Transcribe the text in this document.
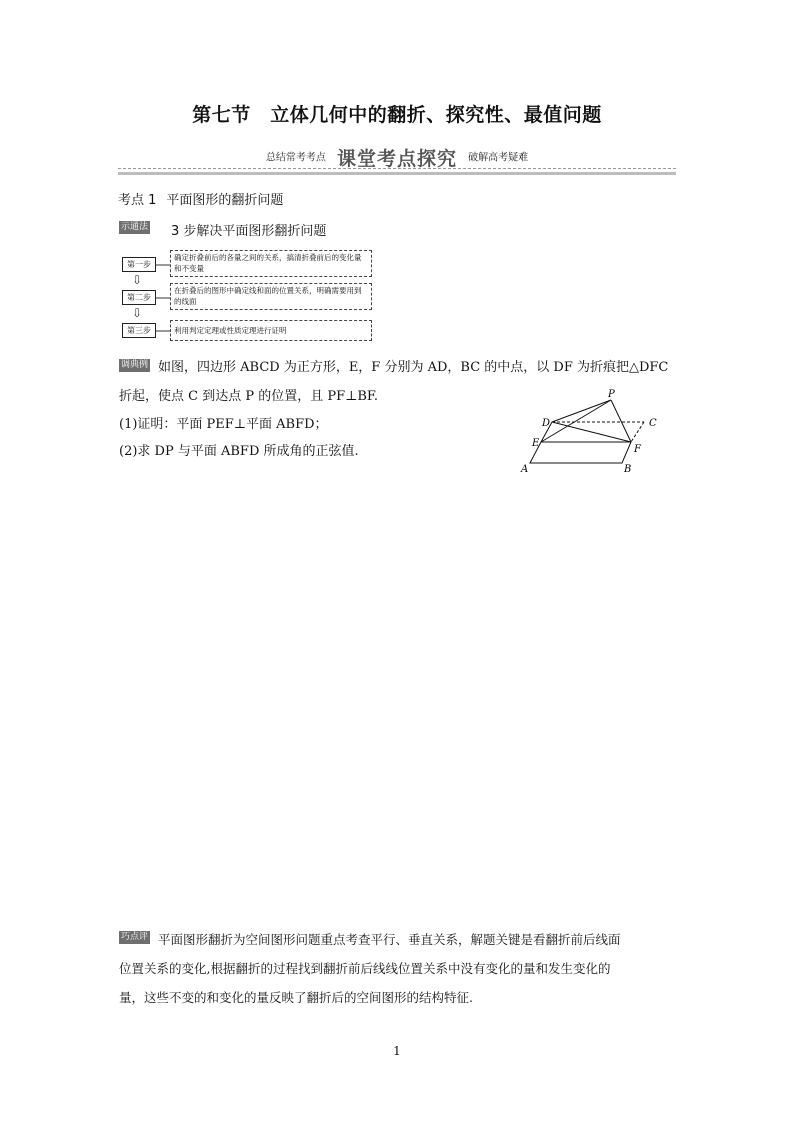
第七节　立体几何中的翻折、探究性、最值问题
总结常考考点 课堂考点探究 破解高考疑难
考点 1 平面图形的翻折问题
示通法 3 步解决平面图形翻折问题
第一步
确定折叠前后的各量之间的关系，搞清折叠前后的变化量和不变量
⇩
第二步
在折叠后的图形中确定线和面的位置关系，明确需要用到的线面
⇩
第三步	利用判定定理或性质定理进行证明
调典例 如图，四边形 ABCD 为正方形，E，F 分别为 AD，BC 的中点，以 DF 为折痕把△DFC
折起，使点 C 到达点 P 的位置，且 PF⊥BF.
(1)证明：平面 PEF⊥平面 ABFD；
(2)求 DP 与平面 ABFD 所成角的正弦值.
P
D	C
E
F
A	B
巧点评 平面图形翻折为空间图形问题重点考查平行、垂直关系，解题关键是看翻折前后线面
位置关系的变化,根据翻折的过程找到翻折前后线线位置关系中没有变化的量和发生变化的
量，这些不变的和变化的量反映了翻折后的空间图形的结构特征.
1
